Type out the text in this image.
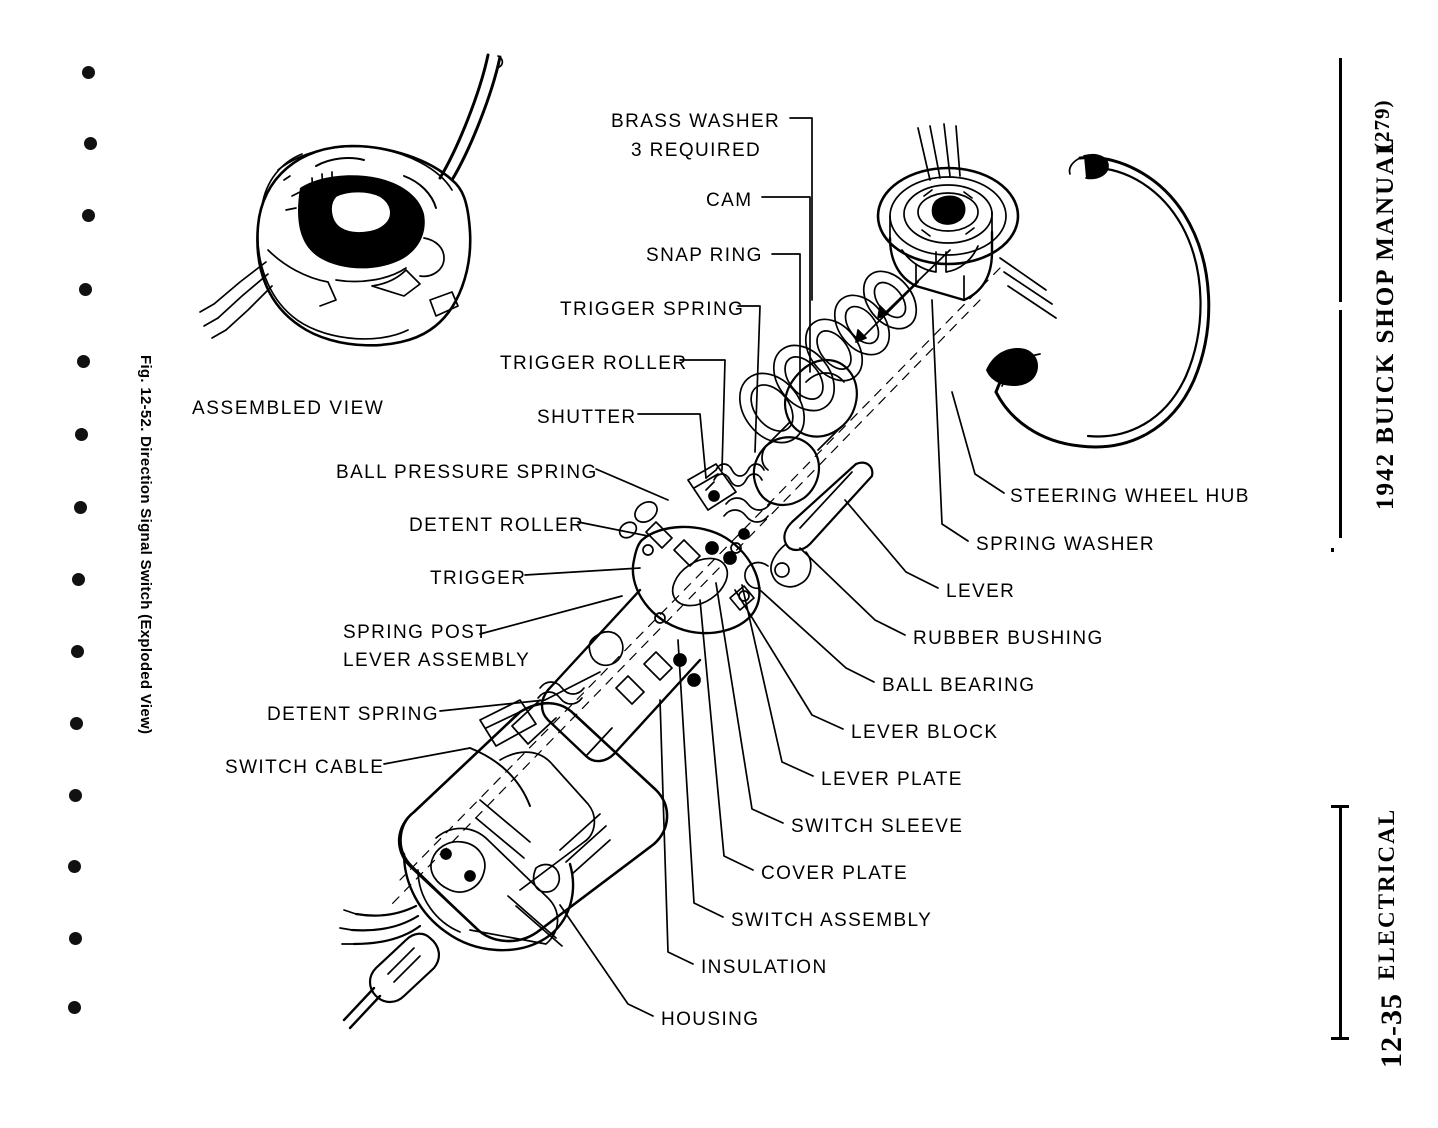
(279)
1942 BUICK SHOP MANUAL
ELECTRICAL
12-35
Fig. 12-52. Direction Signal Switch (Exploded View) ASSEMBLED VIEW
BRASS WASHER
3 REQUIRED
CAM
SNAP RING
TRIGGER SPRING
TRIGGER ROLLER
SHUTTER
BALL PRESSURE SPRING
DETENT ROLLER
TRIGGER
SPRING POST
LEVER ASSEMBLY
DETENT SPRING
SWITCH CABLE
STEERING WHEEL HUB
SPRING WASHER
LEVER
RUBBER BUSHING
BALL BEARING
LEVER BLOCK
LEVER PLATE
SWITCH SLEEVE
COVER PLATE
SWITCH ASSEMBLY
INSULATION
HOUSING
